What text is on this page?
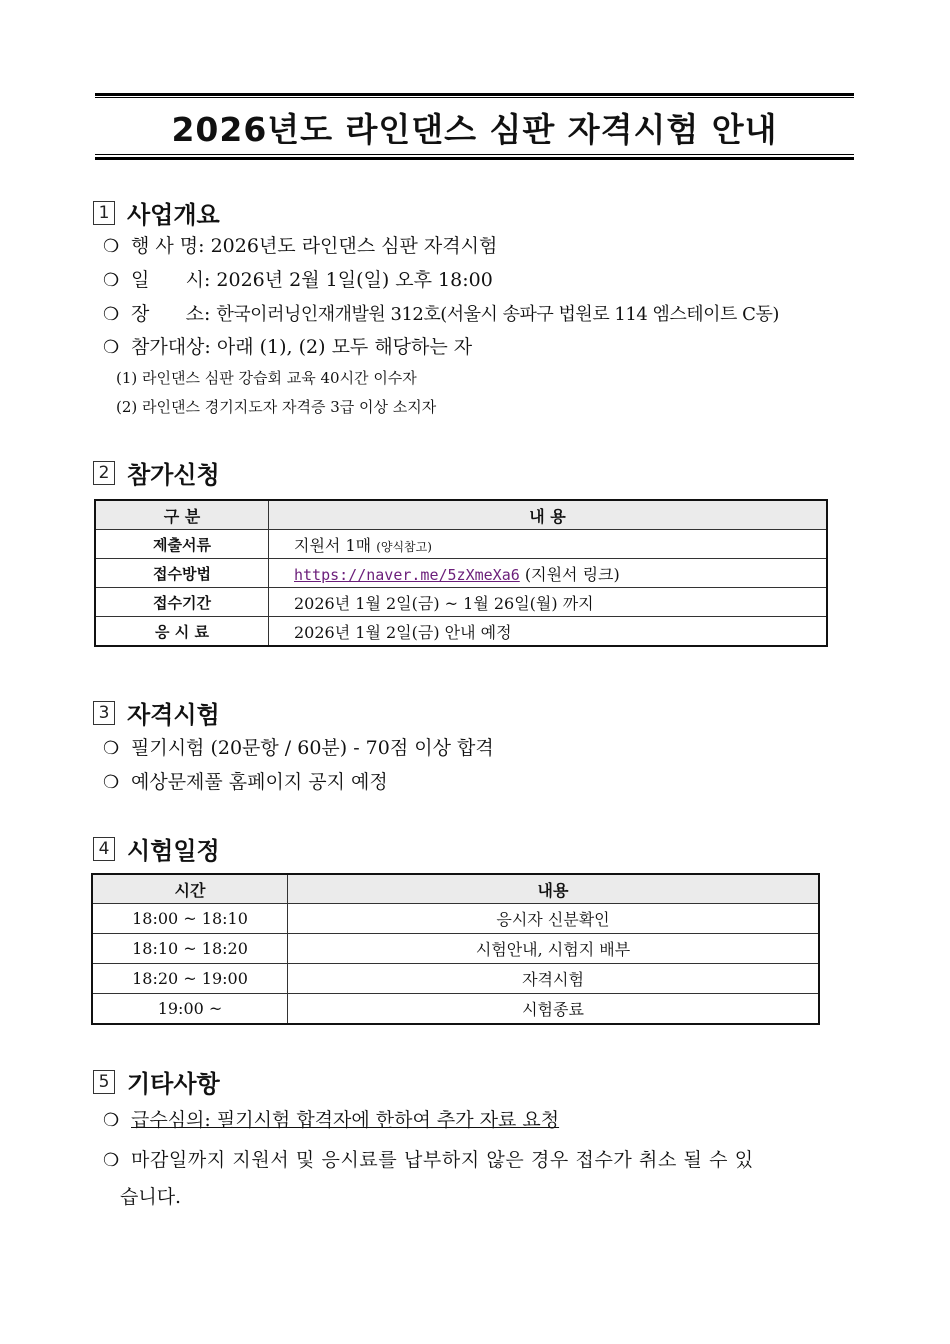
2026년도 라인댄스 심판 자격시험 안내
1 사업개요
❍ 행 사 명: 2026년도 라인댄스 심판 자격시험
❍ 일      시: 2026년 2월 1일(일) 오후 18:00
❍ 장      소: 한국이러닝인재개발원 312호(서울시 송파구 법원로 114 엠스테이트 C동)
❍ 참가대상: 아래 (1), (2) 모두 해당하는 자
(1) 라인댄스 심판 강습회 교육 40시간 이수자
(2) 라인댄스 경기지도자 자격증 3급 이상 소지자
2 참가신청
구 분	내 용
제출서류	지원서 1매 (양식참고)
접수방법	https://naver.me/5zXmeXa6 (지원서 링크)
접수기간	2026년 1월 2일(금) ~ 1월 26일(월) 까지
응 시 료	2026년 1월 2일(금) 안내 예정
3 자격시험
❍ 필기시험 (20문항 / 60분) - 70점 이상 합격
❍ 예상문제풀 홈페이지 공지 예정
4 시험일정
시간	내용
18:00 ~ 18:10	응시자 신분확인
18:10 ~ 18:20	시험안내, 시험지 배부
18:20 ~ 19:00	자격시험
19:00 ~	시험종료
5 기타사항
❍ 급수심의: 필기시험 합격자에 한하여 추가 자료 요청
❍ 마감일까지 지원서 및 응시료를 납부하지 않은 경우 접수가 취소 될 수 있
습니다.
